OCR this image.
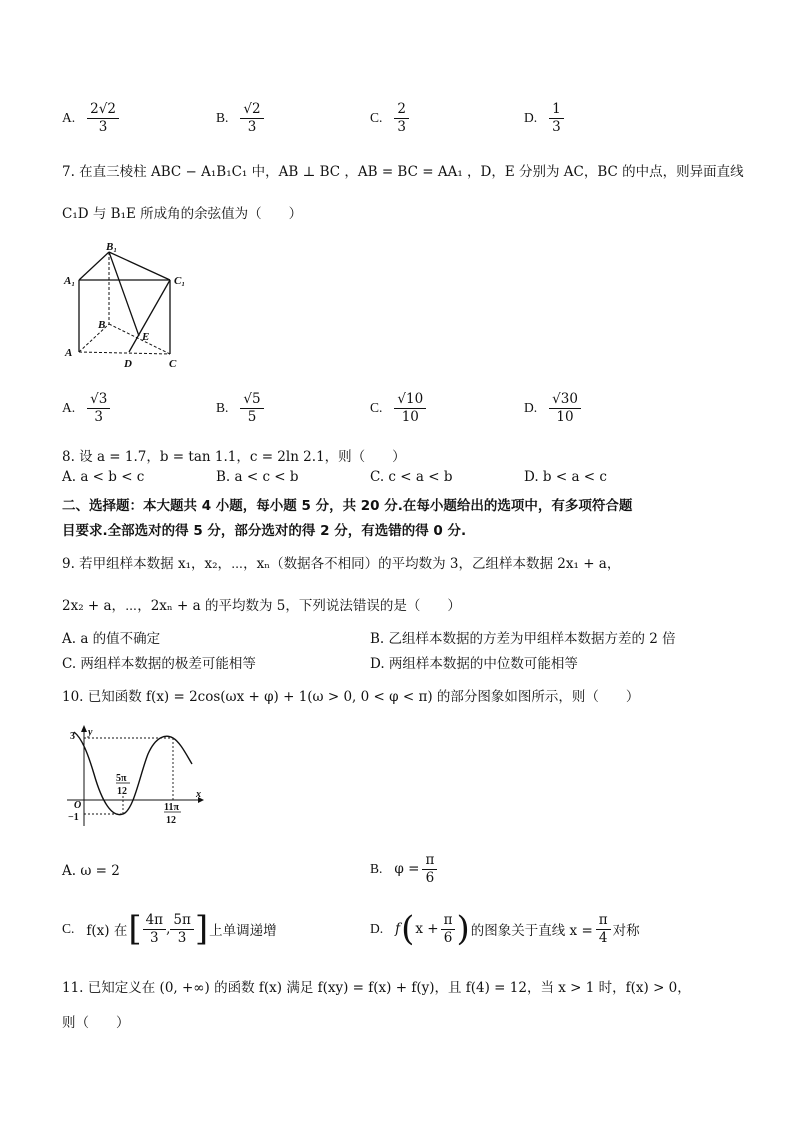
A. $\frac{2√2}{3}$	B. $\frac{√2}{3}$	C. $\frac{2}{3}$	D. $\frac{1}{3}$
7. 在直三棱柱 ABC − A₁B₁C₁ 中，AB ⊥ BC ，AB = BC = AA₁ ，D，E 分别为 AC，BC 的中点，则异面直线
C₁D 与 B₁E 所成角的余弦值为（　　）
B₁
A₁	C₁
B
E
A
D	C
A. $\frac{√3}{3}$	B. $\frac{√5}{5}$	C. $\frac{√10}{10}$	D. $\frac{√30}{10}$
8. 设 a = 1.7，b = tan 1.1，c = 2ln 2.1，则（　　）
A. a < b < c	B. a < c < b	C. c < a < b	D. b < a < c
二、选择题：本大题共 4 小题，每小题 5 分，共 20 分.在每小题给出的选项中，有多项符合题
目要求.全部选对的得 5 分，部分选对的得 2 分，有选错的得 0 分.
9. 若甲组样本数据 x₁，x₂，⋯，xₙ（数据各不相同）的平均数为 3，乙组样本数据 2x₁ + a，
2x₂ + a，⋯，2xₙ + a 的平均数为 5，下列说法错误的是（　　）
A. a 的值不确定	B. 乙组样本数据的方差为甲组样本数据方差的 2 倍
C. 两组样本数据的极差可能相等	D. 两组样本数据的中位数可能相等
10. 已知函数 f(x) = 2cos(ωx + φ) + 1(ω > 0, 0 < φ < π) 的部分图象如图所示，则（　　）
3 y
x
O
−1
5π
12
11π
12
A. ω = 2	B. $\varphi = \frac{\pi}{6}$
C. f(x) 在 [ $\frac{4\pi}{3}$ , $\frac{5\pi}{3}$ ] 上单调递增	D. f ( $x + \frac{\pi}{6}$ ) 的图象关于直线 $x = \frac{\pi}{4}$ 对称
11. 已知定义在 (0, +∞) 的函数 f(x) 满足 f(xy) = f(x) + f(y)，且 f(4) = 12，当 x > 1 时，f(x) > 0，
则（　　）
